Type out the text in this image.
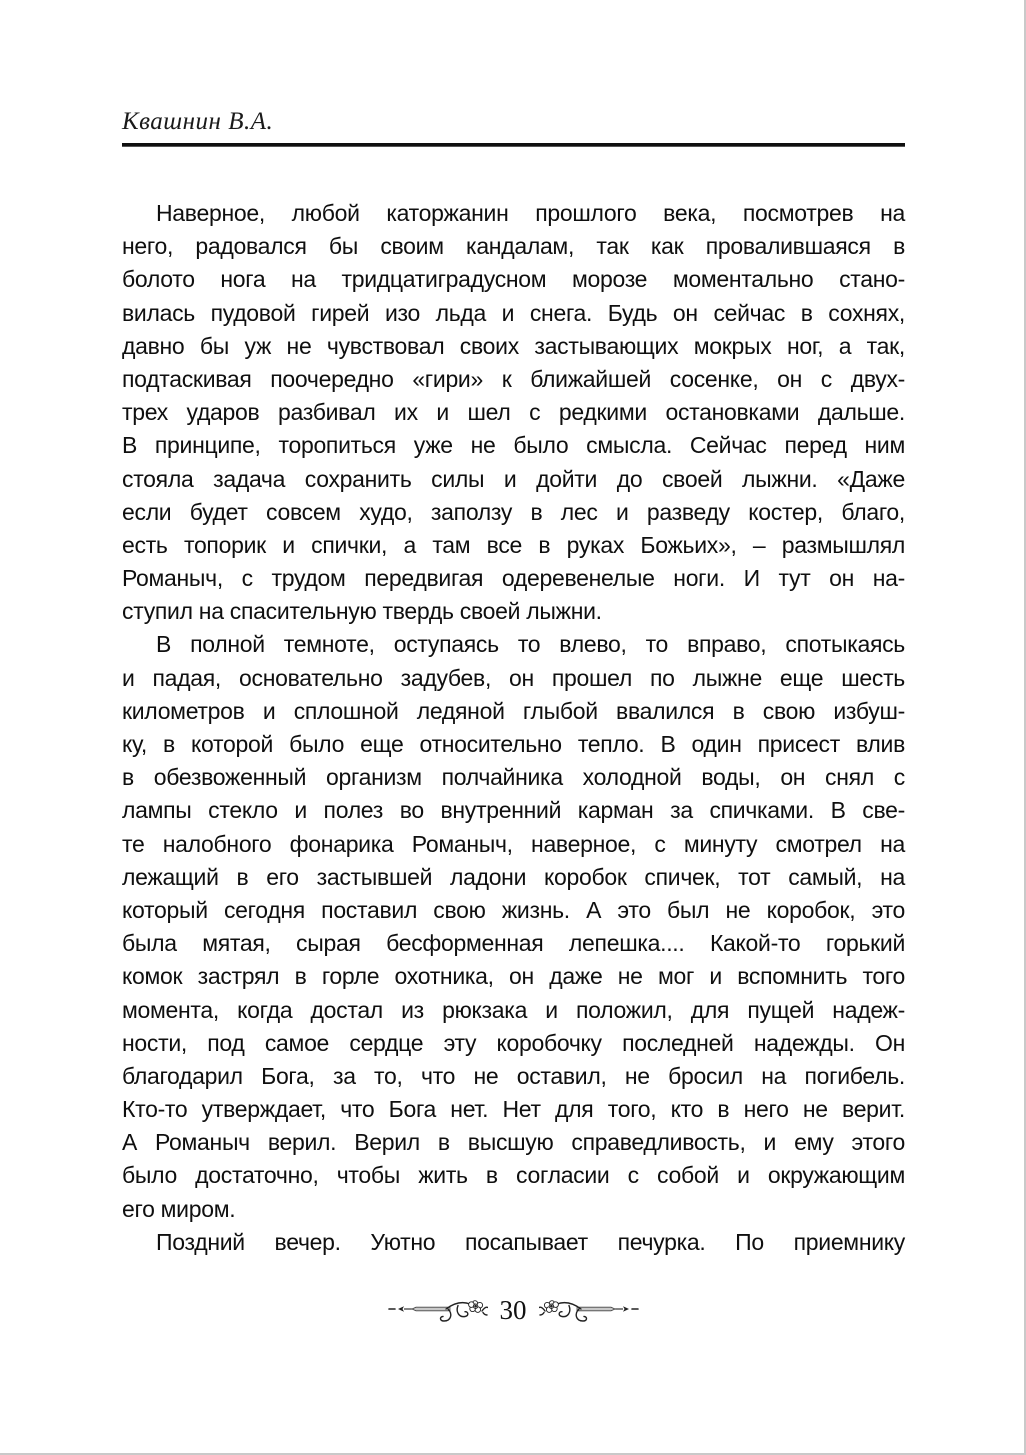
Квашнин В.А.
Наверное, любой каторжанин прошлого века, посмотрев на
него, радовался бы своим кандалам, так как провалившаяся в
болото нога на тридцатиградусном морозе моментально стано-
вилась пудовой гирей изо льда и снега. Будь он сейчас в сохнях,
давно бы уж не чувствовал своих застывающих мокрых ног, а так,
подтаскивая поочередно «гири» к ближайшей сосенке, он с двух-
трех ударов разбивал их и шел с редкими остановками дальше.
В принципе, торопиться уже не было смысла. Сейчас перед ним
стояла задача сохранить силы и дойти до своей лыжни. «Даже
если будет совсем худо, заползу в лес и разведу костер, благо,
есть топорик и спички, а там все в руках Божьих», – размышлял
Романыч, с трудом передвигая одеревенелые ноги. И тут он на-
ступил на спасительную твердь своей лыжни.
В полной темноте, оступаясь то влево, то вправо, спотыкаясь
и падая, основательно задубев, он прошел по лыжне еще шесть
километров и сплошной ледяной глыбой ввалился в свою избуш-
ку, в которой было еще относительно тепло. В один присест влив
в обезвоженный организм полчайника холодной воды, он снял с
лампы стекло и полез во внутренний карман за спичками. В све-
те налобного фонарика Романыч, наверное, с минуту смотрел на
лежащий в его застывшей ладони коробок спичек, тот самый, на
который сегодня поставил свою жизнь. А это был не коробок, это
была мятая, сырая бесформенная лепешка.... Какой-то горький
комок застрял в горле охотника, он даже не мог и вспомнить того
момента, когда достал из рюкзака и положил, для пущей надеж-
ности, под самое сердце эту коробочку последней надежды. Он
благодарил Бога, за то, что не оставил, не бросил на погибель.
Кто-то утверждает, что Бога нет. Нет для того, кто в него не верит.
А Романыч верил. Верил в высшую справедливость, и ему этого
было достаточно, чтобы жить в согласии с собой и окружающим
его миром.
Поздний вечер. Уютно посапывает печурка. По приемнику
30
